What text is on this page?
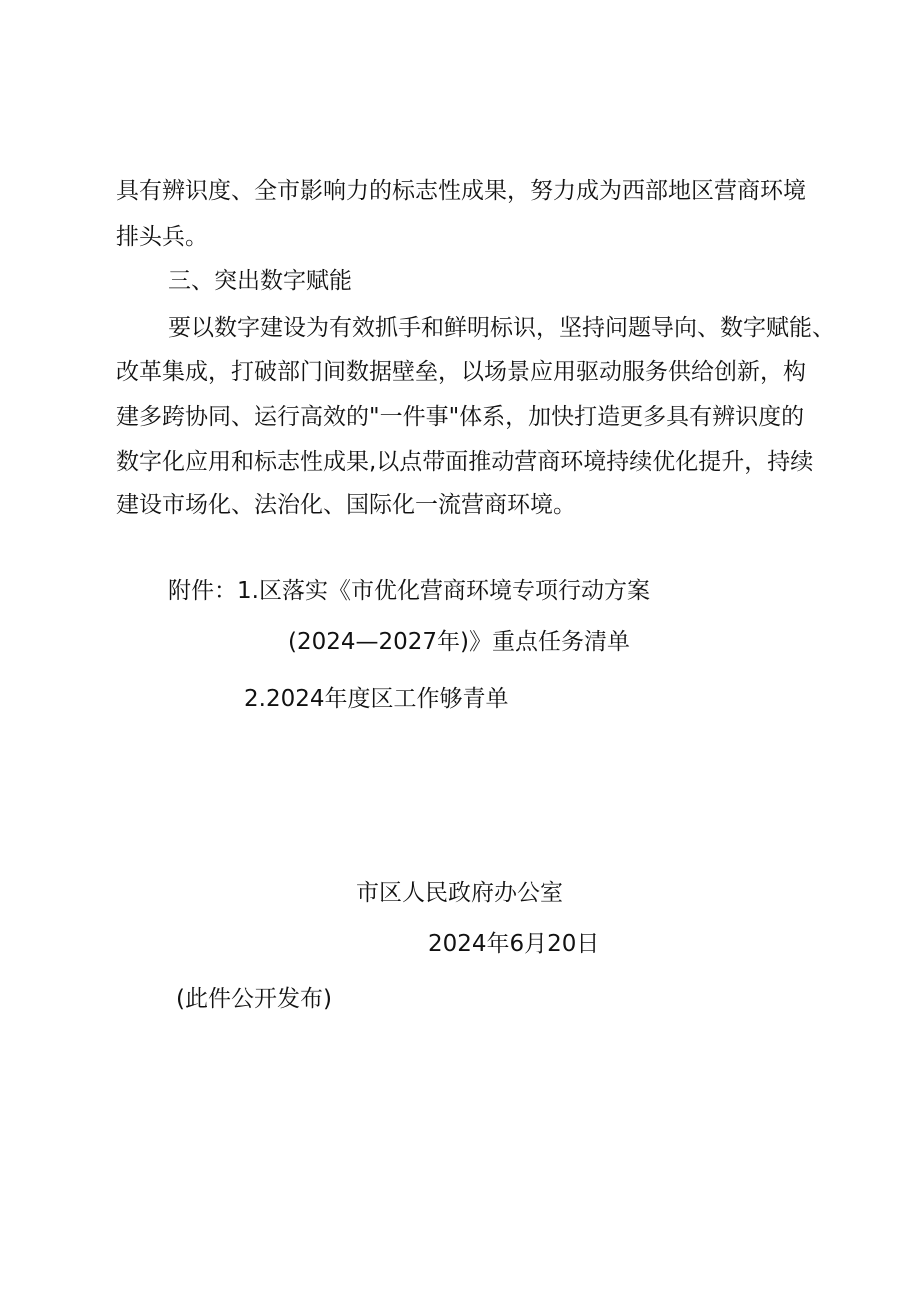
具有辨识度、全市影响力的标志性成果，努力成为西部地区营商环境
排头兵。
三、突出数字赋能
要以数字建设为有效抓手和鲜明标识，坚持问题导向、数字赋能、
改革集成，打破部门间数据壁垒，以场景应用驱动服务供给创新，构
建多跨协同、运行高效的"一件事"体系，加快打造更多具有辨识度的
数字化应用和标志性成果,以点带面推动营商环境持续优化提升，持续
建设市场化、法治化、国际化一流营商环境。
附件：1.区落实《市优化营商环境专项行动方案
(2024—2027年)》重点任务清单
2.2024年度区工作够青单
市区人民政府办公室
2024年6月20日
(此件公开发布)
